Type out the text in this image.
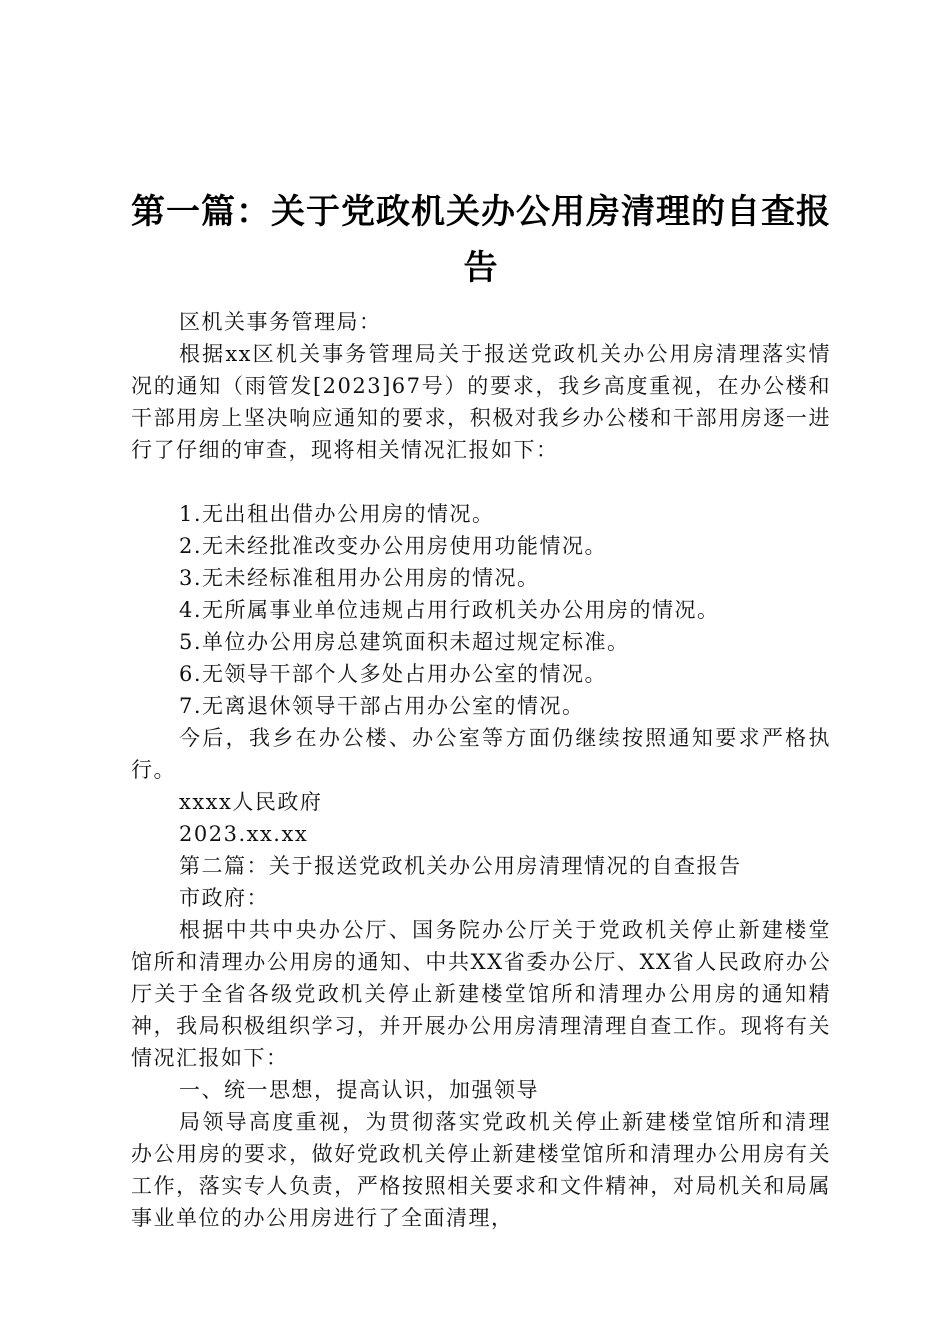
第一篇：关于党政机关办公用房清理的自查报告

区机关事务管理局：

根据xx区机关事务管理局关于报送党政机关办公用房清理落实情况的通知（雨管发[2023]67号）的要求，我乡高度重视，在办公楼和干部用房上坚决响应通知的要求，积极对我乡办公楼和干部用房逐一进行了仔细的审查，现将相关情况汇报如下：

1.无出租出借办公用房的情况。

2.无未经批准改变办公用房使用功能情况。

3.无未经标准租用办公用房的情况。

4.无所属事业单位违规占用行政机关办公用房的情况。

5.单位办公用房总建筑面积未超过规定标准。

6.无领导干部个人多处占用办公室的情况。

7.无离退休领导干部占用办公室的情况。

今后，我乡在办公楼、办公室等方面仍继续按照通知要求严格执行。

xxxx人民政府

2023.xx.xx

第二篇：关于报送党政机关办公用房清理情况的自查报告

市政府：

根据中共中央办公厅、国务院办公厅关于党政机关停止新建楼堂馆所和清理办公用房的通知、中共XX省委办公厅、XX省人民政府办公厅关于全省各级党政机关停止新建楼堂馆所和清理办公用房的通知精神，我局积极组织学习，并开展办公用房清理清理自查工作。现将有关情况汇报如下：

一、统一思想，提高认识，加强领导

局领导高度重视，为贯彻落实党政机关停止新建楼堂馆所和清理办公用房的要求，做好党政机关停止新建楼堂馆所和清理办公用房有关工作，落实专人负责，严格按照相关要求和文件精神，对局机关和局属事业单位的办公用房进行了全面清理，
